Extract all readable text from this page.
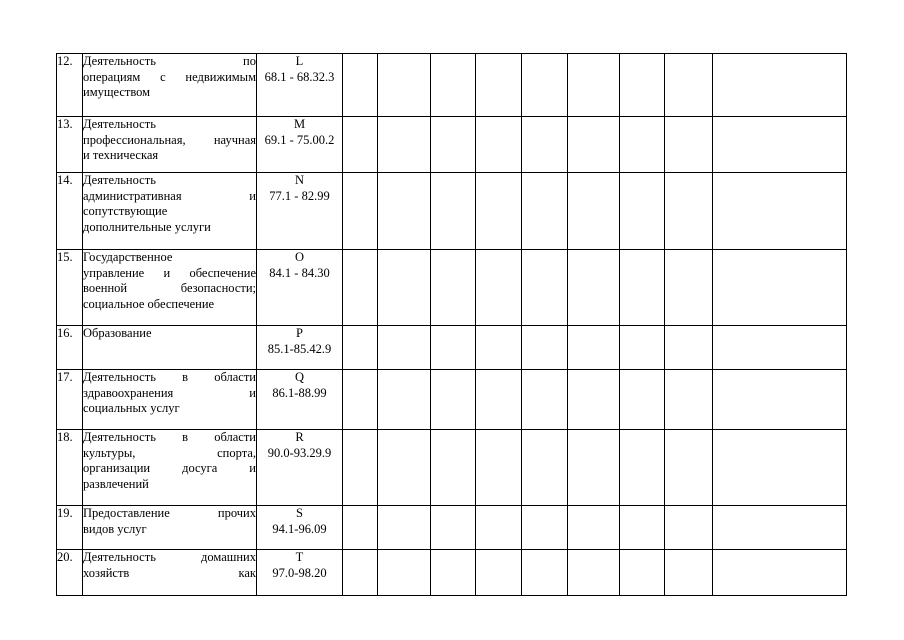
12.	Деятельность по
операциям с недвижимым
имуществом	L
68.1 - 68.32.3									

13.	Деятельность
профессиональная, научная
и техническая	M
69.1 - 75.00.2									

14.	Деятельность
административная и
сопутствующие
дополнительные услуги	N
77.1 - 82.99									

15.	Государственное
управление и обеспечение
военной безопасности;
социальное обеспечение	O
84.1 - 84.30									

16.	Образование	P
85.1-85.42.9									

17.	Деятельность в области
здравоохранения и
социальных услуг	Q
86.1-88.99									

18.	Деятельность в области
культуры, спорта,
организации досуга и
развлечений	R
90.0-93.29.9									

19.	Предоставление прочих
видов услуг	S
94.1-96.09									

20.	Деятельность домашних
хозяйств как	T
97.0-98.20									
